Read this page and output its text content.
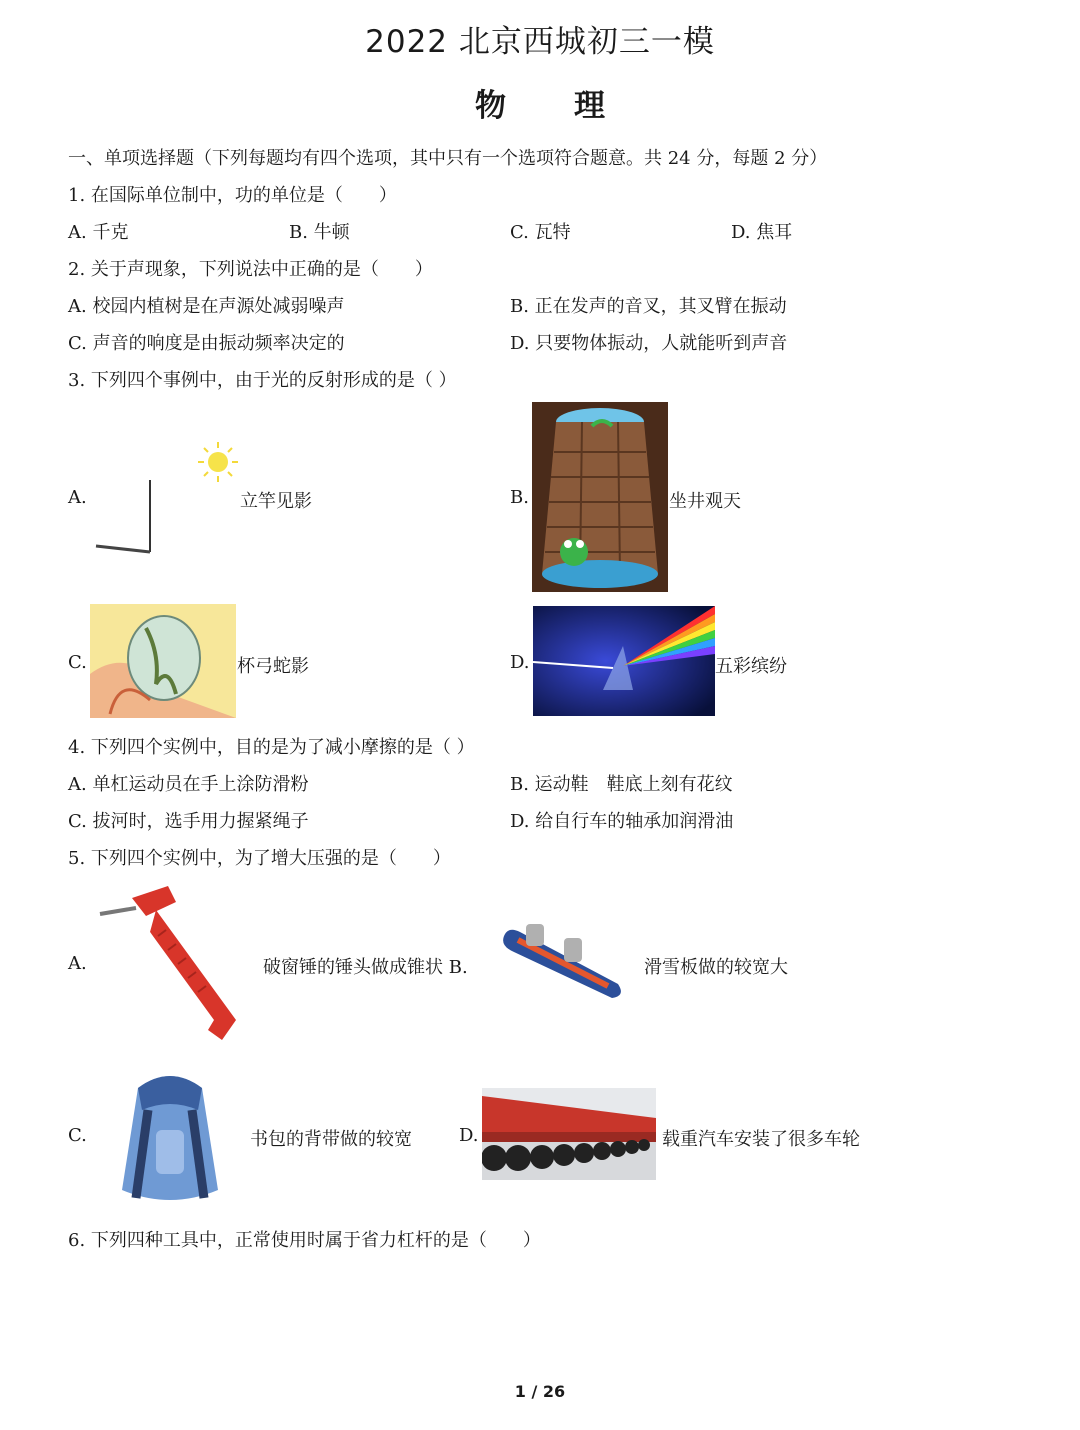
2022 北京西城初三一模
物 理
一、单项选择题（下列每题均有四个选项，其中只有一个选项符合题意。共 24 分，每题 2 分）
1. 在国际单位制中，功的单位是（　　）
A. 千克	B. 牛顿	C. 瓦特	D. 焦耳
2. 关于声现象，下列说法中正确的是（　　）
A. 校园内植树是在声源处减弱噪声	B. 正在发声的音叉，其叉臂在振动
C. 声音的响度是由振动频率决定的	D. 只要物体振动，人就能听到声音
3. 下列四个事例中，由于光的反射形成的是（ ）
A.	立竿见影	B.	坐井观天
C.	杯弓蛇影	D.	五彩缤纷
4. 下列四个实例中，目的是为了减小摩擦的是（ ）
A. 单杠运动员在手上涂防滑粉	B. 运动鞋　鞋底上刻有花纹
C. 拔河时，选手用力握紧绳子	D. 给自行车的轴承加润滑油
5. 下列四个实例中，为了增大压强的是（　　）
A.	破窗锤的锤头做成锥状 B.	滑雪板做的较宽大
C.	书包的背带做的较宽	D.	载重汽车安装了很多车轮
6. 下列四种工具中，正常使用时属于省力杠杆的是（　　）
1 / 26
